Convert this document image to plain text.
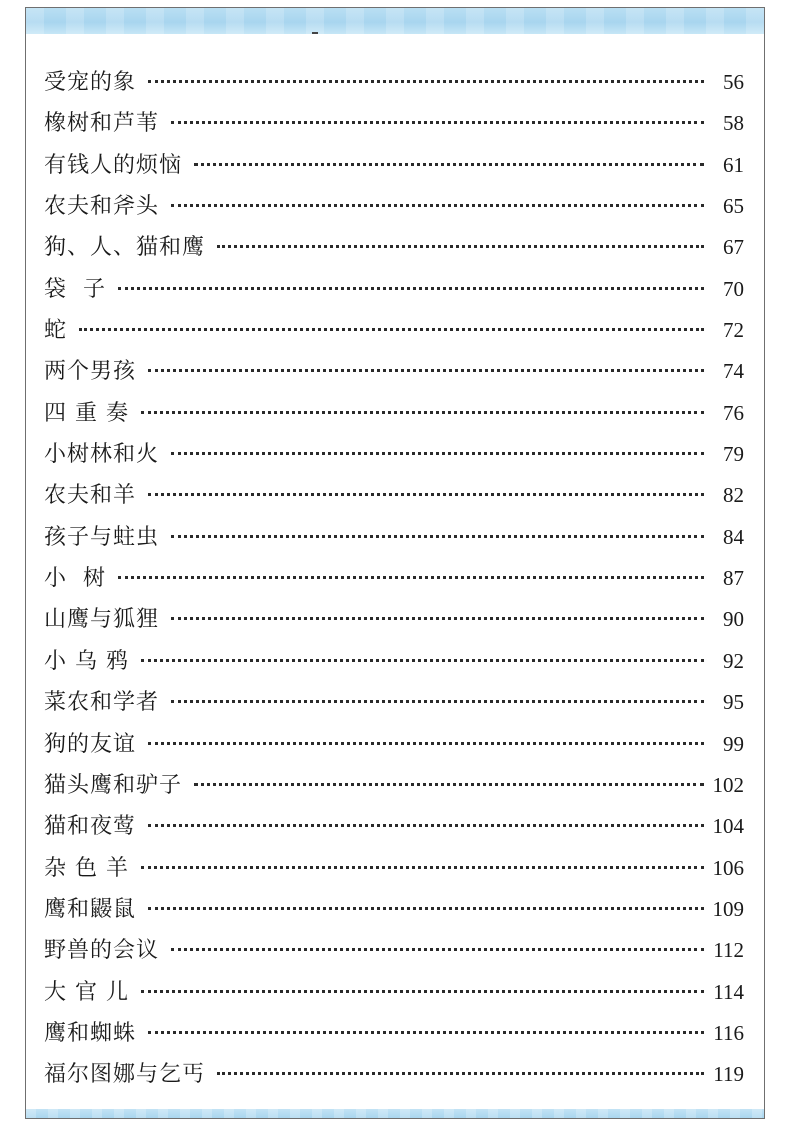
受宠的象	56
橡树和芦苇	58
有钱人的烦恼	61
农夫和斧头	65
狗、人、猫和鹰	67
袋  子	70
蛇	72
两个男孩	74
四 重 奏	76
小树林和火	79
农夫和羊	82
孩子与蛀虫	84
小  树	87
山鹰与狐狸	90
小 乌 鸦	92
菜农和学者	95
狗的友谊	99
猫头鹰和驴子	102
猫和夜莺	104
杂 色 羊	106
鹰和鼹鼠	109
野兽的会议	112
大 官 儿	114
鹰和蜘蛛	116
福尔图娜与乞丐	119
